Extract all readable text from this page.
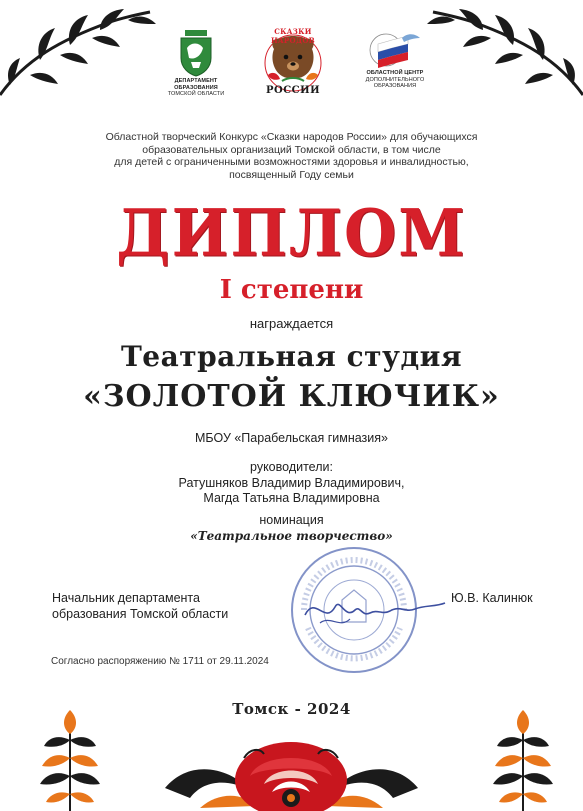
ДЕПАРТАМЕНТ
ОБРАЗОВАНИЯ
ТОМСКОЙ ОБЛАСТИ
СКАЗКИ НАРОДОВ
РОССИИ
ОБЛАСТНОЙ ЦЕНТР
ДОПОЛНИТЕЛЬНОГО
ОБРАЗОВАНИЯ
Областной творческий Конкурс «Сказки народов России» для обучающихся
образовательных организаций Томской области, в том числе
для детей с ограниченными возможностями здоровья и инвалидностью,
посвященный Году семьи
ДИПЛОМ
I степени
награждается
Театральная студия
«ЗОЛОТОЙ КЛЮЧИК»
МБОУ «Парабельская гимназия»
руководители:
Ратушняков Владимир Владимирович,
Магда Татьяна Владимировна
номинация
«Театральное творчество»
Начальник департамента
образования Томской области
Ю.В. Калинюк
Согласно распоряжению № 1711 от 29.11.2024
Томск - 2024
